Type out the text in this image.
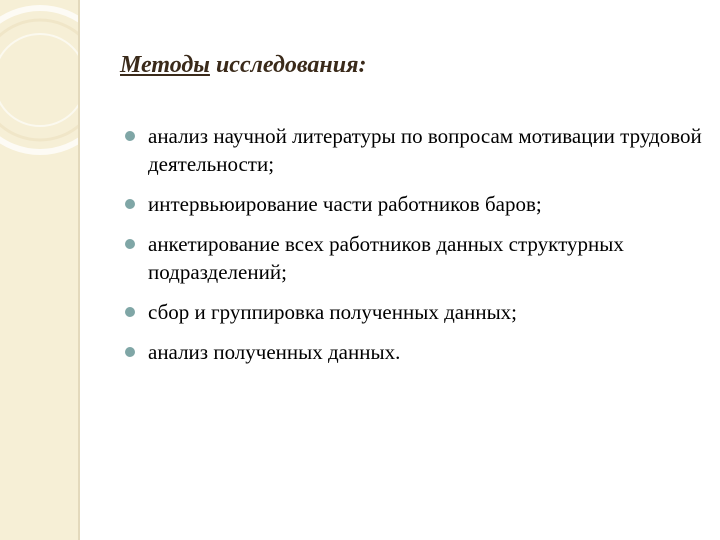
Методы исследования:
анализ научной литературы по вопросам мотивации трудовой деятельности;
интервьюирование части работников баров;
анкетирование всех работников данных структурных подразделений;
сбор и группировка полученных данных;
анализ полученных данных.
